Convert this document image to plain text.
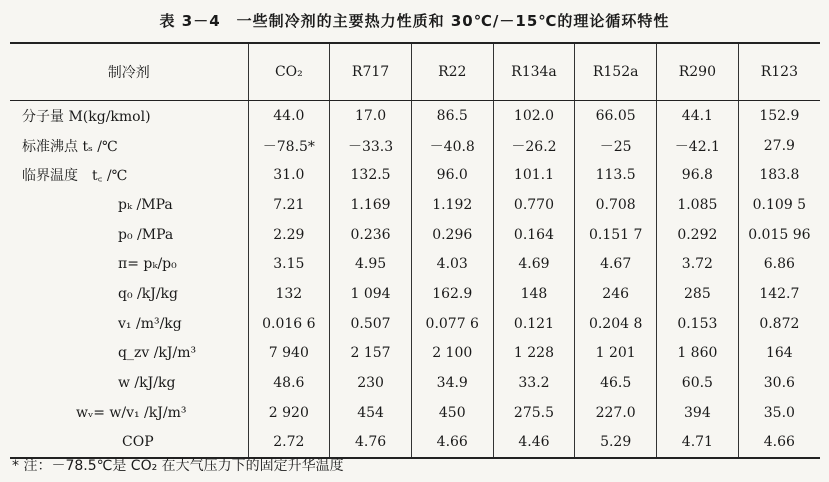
表 3－4　一些制冷剂的主要热力性质和 30℃/－15℃的理论循环特性
制冷剂	CO₂	R717	R22	R134a	R152a	R290	R123

分子量 M(kg/kmol)	44.0	17.0	86.5	102.0	66.05	44.1	152.9

标准沸点 tₛ /℃	－78.5*	－33.3	－40.8	－26.2	－25	－42.1	27.9

临界温度　t꜀ /℃	31.0	132.5	96.0	101.1	113.5	96.8	183.8

pₖ /MPa	7.21	1.169	1.192	0.770	0.708	1.085	0.109 5

p₀ /MPa	2.29	0.236	0.296	0.164	0.151 7	0.292	0.015 96

π= pₖ/p₀	3.15	4.95	4.03	4.69	4.67	3.72	6.86

q₀ /kJ/kg	132	1 094	162.9	148	246	285	142.7

v₁ /m³/kg	0.016 6	0.507	0.077 6	0.121	0.204 8	0.153	0.872

q_zv /kJ/m³	7 940	2 157	2 100	1 228	1 201	1 860	164

w /kJ/kg	48.6	230	34.9	33.2	46.5	60.5	30.6

wᵥ= w/v₁ /kJ/m³	2 920	454	450	275.5	227.0	394	35.0

COP	2.72	4.76	4.66	4.46	5.29	4.71	4.66
* 注：－78.5℃是 CO₂ 在大气压力下的固定升华温度
